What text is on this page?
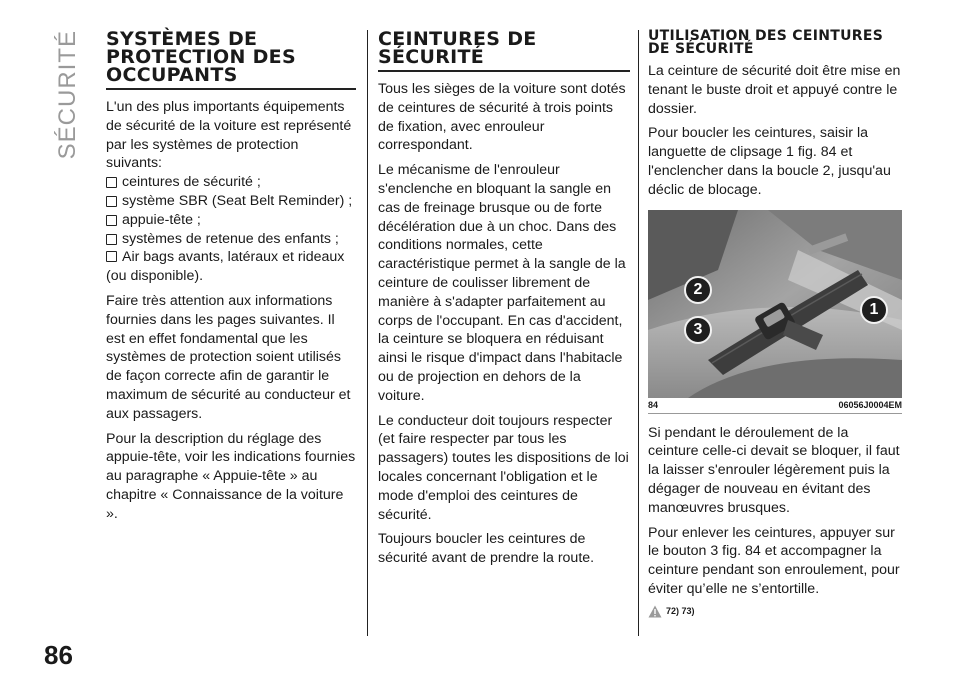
SÉCURITÉ SYSTÈMES DE PROTECTION DES OCCUPANTS

L'un des plus importants équipements de sécurité de la voiture est représenté par les systèmes de protection suivants:

ceintures de sécurité ;
système SBR (Seat Belt Reminder) ;
appuie-tête ;
systèmes de retenue des enfants ;
Air bags avants, latéraux et rideaux (ou disponible).

Faire très attention aux informations fournies dans les pages suivantes. Il est en effet fondamental que les systèmes de protection soient utilisés de façon correcte afin de garantir le maximum de sécurité au conducteur et aux passagers.

Pour la description du réglage des appuie-tête, voir les indications fournies au paragraphe « Appuie-tête » au chapitre « Connaissance de la voiture ».

CEINTURES DE SÉCURITÉ

Tous les sièges de la voiture sont dotés de ceintures de sécurité à trois points de fixation, avec enrouleur correspondant.

Le mécanisme de l'enrouleur s'enclenche en bloquant la sangle en cas de freinage brusque ou de forte décélération due à un choc. Dans des conditions normales, cette caractéristique permet à la sangle de la ceinture de coulisser librement de manière à s'adapter parfaitement au corps de l'occupant. En cas d'accident, la ceinture se bloquera en réduisant ainsi le risque d'impact dans l'habitacle ou de projection en dehors de la voiture.

Le conducteur doit toujours respecter (et faire respecter par tous les passagers) toutes les dispositions de loi locales concernant l'obligation et le mode d'emploi des ceintures de sécurité.

Toujours boucler les ceintures de sécurité avant de prendre la route.

UTILISATION DES CEINTURES DE SÉCURITÉ

La ceinture de sécurité doit être mise en tenant le buste droit et appuyé contre le dossier.

Pour boucler les ceintures, saisir la languette de clipsage 1 fig. 84 et l'enclencher dans la boucle 2, jusqu'au déclic de blocage.

1
2
3
84	06056J0004EM

Si pendant le déroulement de la ceinture celle-ci devait se bloquer, il faut la laisser s'enrouler légèrement puis la dégager de nouveau en évitant des manœuvres brusques.

Pour enlever les ceintures, appuyer sur le bouton 3 fig. 84 et accompagner la ceinture pendant son enroulement, pour éviter qu’elle ne s’entortille.

72) 73)
86
